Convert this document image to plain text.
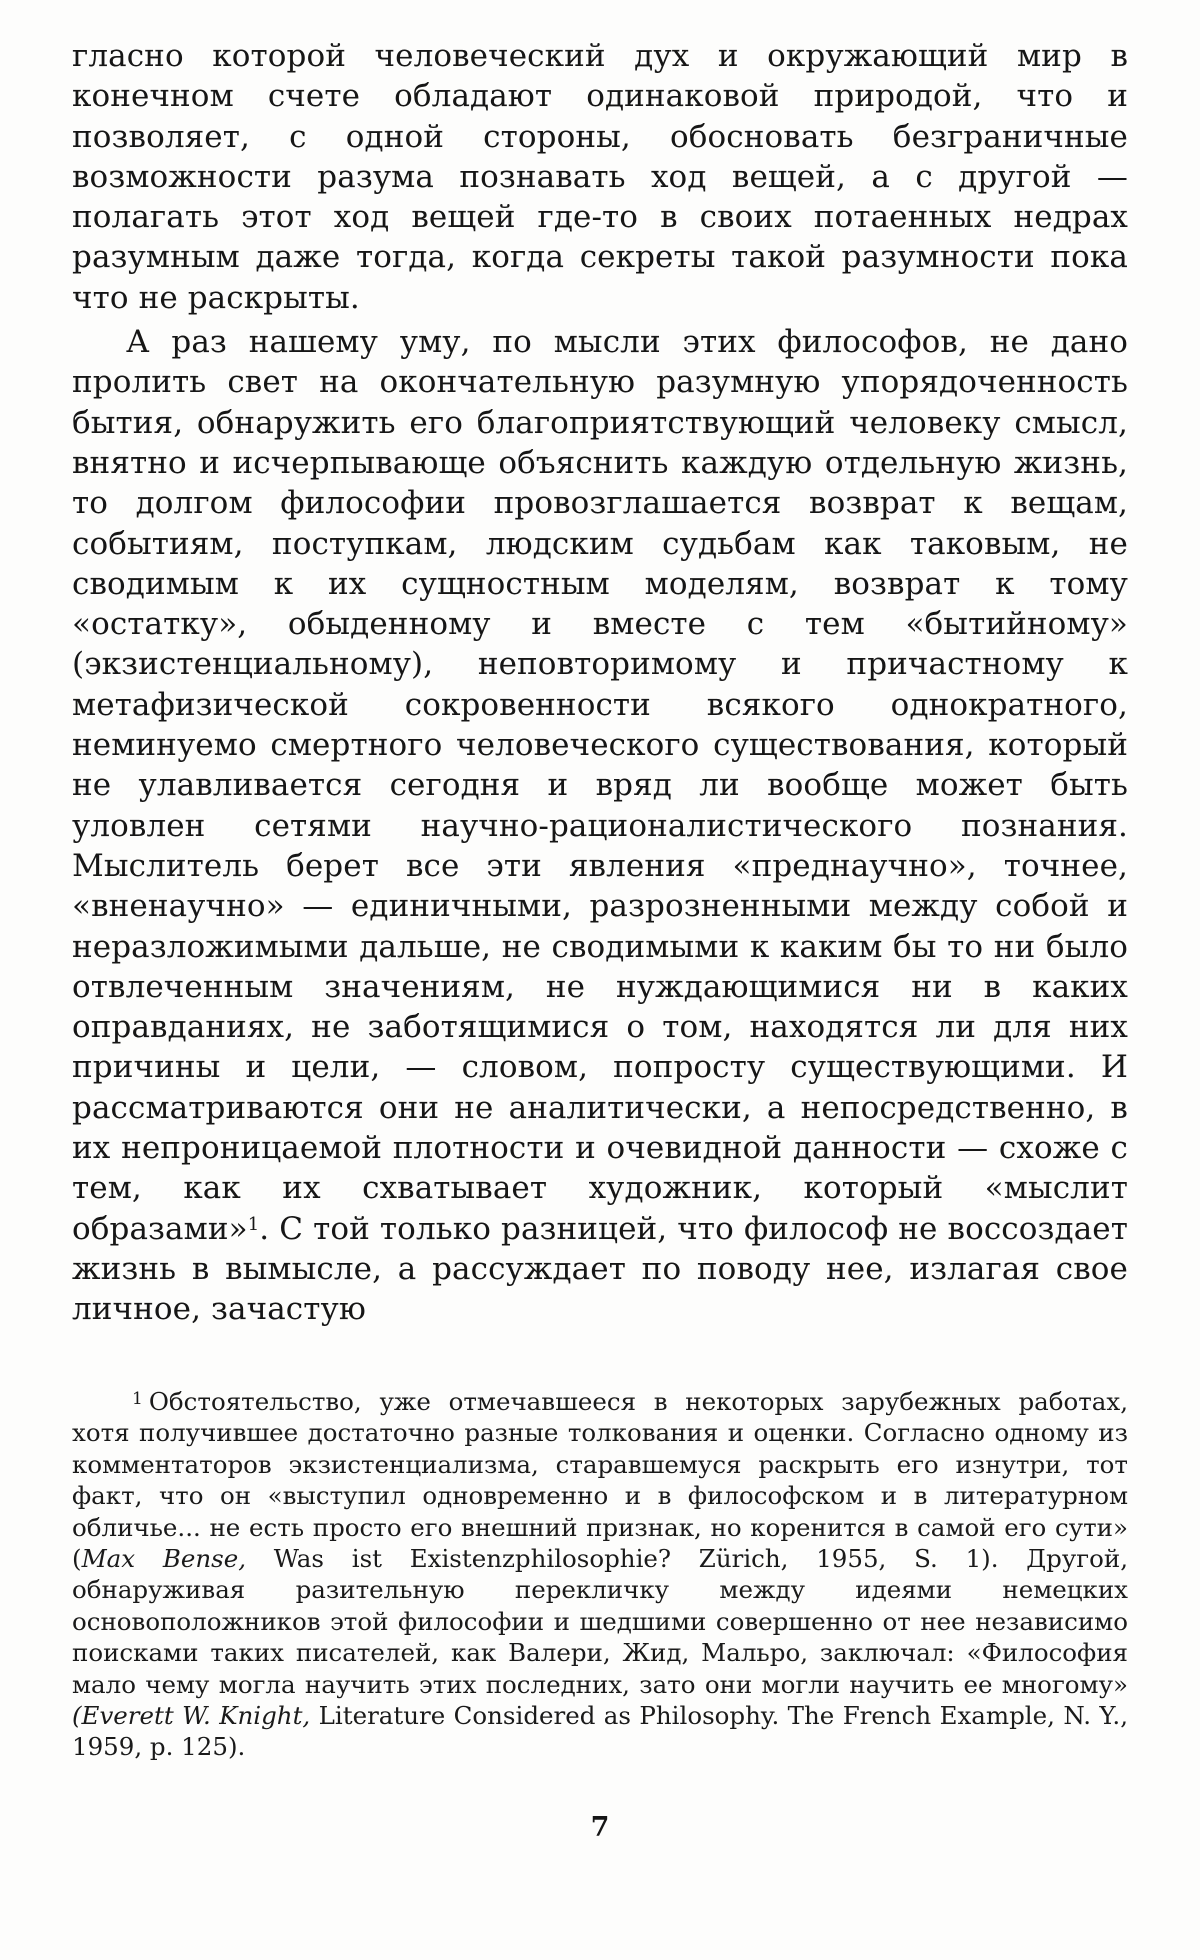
гласно которой человеческий дух и окружающий мир в конечном счете обладают одинаковой природой, что и позволяет, с одной стороны, обосновать безграничные возможности разума познавать ход вещей, а с другой — полагать этот ход вещей где-то в своих потаенных недрах разумным даже тогда, когда секреты такой разумности пока что не раскрыты.

А раз нашему уму, по мысли этих философов, не дано пролить свет на окончательную разумную упорядоченность бытия, обнаружить его благоприятствующий человеку смысл, внятно и исчерпывающе объяснить каждую отдельную жизнь, то долгом философии провозглашается возврат к вещам, событиям, поступкам, людским судьбам как таковым, не сводимым к их сущностным моделям, возврат к тому «остатку», обыденному и вместе с тем «бытийному» (экзистенциальному), неповторимому и причастному к метафизической сокровенности всякого однократного, неминуемо смертного человеческого существования, который не улавливается сегодня и вряд ли вообще может быть уловлен сетями научно-рационалистического познания. Мыслитель берет все эти явления «преднаучно», точнее, «вненаучно» — единичными, разрозненными между собой и неразложимыми дальше, не сводимыми к каким бы то ни было отвлеченным значениям, не нуждающимися ни в каких оправданиях, не заботящимися о том, находятся ли для них причины и цели, — словом, попросту существующими. И рассматриваются они не аналитически, а непосредственно, в их непроницаемой плотности и очевидной данности — схоже с тем, как их схватывает художник, который «мыслит образами»$^1$. С той только разницей, что философ не воссоздает жизнь в вымысле, а рассуждает по поводу нее, излагая свое личное, зачастую

$^1$ Обстоятельство, уже отмечавшееся в некоторых зарубежных работах, хотя получившее достаточно разные толкования и оценки. Согласно одному из комментаторов экзистенциализма, старавшемуся раскрыть его изнутри, тот факт, что он «выступил одновременно и в философском и в литературном обличье... не есть просто его внешний признак, но коренится в самой его сути» (Max Bense, Was ist Existenzphilosophie? Zürich, 1955, S. 1). Другой, обнаруживая разительную перекличку между идеями немецких основоположников этой философии и шедшими совершенно от нее независимо поисками таких писателей, как Валери, Жид, Мальро, заключал: «Философия мало чему могла научить этих последних, зато они могли научить ее многому» (Everett W. Knight, Literature Considered as Philosophy. The French Example, N. Y., 1959, p. 125).

7
